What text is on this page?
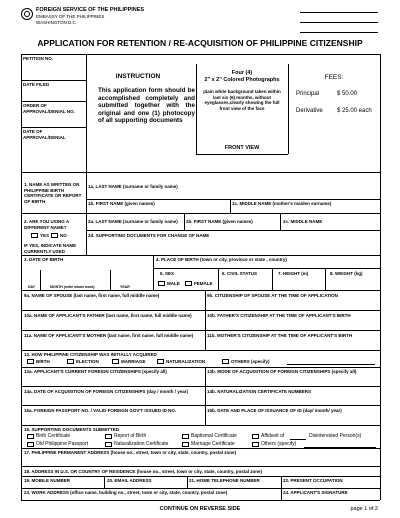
FOREIGN SERVICE OF THE PHILIPPINES
EMBASSY OF THE PHILIPPINES
WASHINGTON D.C.
APPLICATION FOR RETENTION / RE-ACQUISITION OF PHILIPPINE CITIZENSHIP
PETITION NO.
DATE FILED
ORDER OF APPROVAL/DENIAL NO.
DATE OF APPROVAL/DENIAL
INSTRUCTION
This application form should be accomplished completely and submitted together with the original and one (1) photocopy of all supporting documents
Four (4)
2" x 2" Colored Photographs
plain white background taken within last six (6) months, without eyeglasses,clearly showing the full front view of the face
FRONT VIEW
FEES:
Principal	$ 50.00
Derivative $ 25.00 each
1. NAME AS WRITTEN ON PHILIPPINE BIRTH CERTIFICATE OR REPORT OF BIRTH
1a. LAST NAME (surname or family name)
1b. FIRST NAME (given names)	1c. MIDDLE NAME (mother's maiden surname)
2. ARE YOU USING A DIFFERENT NAME?
YES NO
IF YES, INDICATE NAME CURRENTLY USED
2a. LAST NAME (surname or family name) 2b. FIRST NAME (given names)	2c. MIDDLE NAME
2d. SUPPORTING DOCUMENTS FOR CHANGE OF NAME
3. DATE OF BIRTH	4. PLACE OF BIRTH (town or city, province or state , country)
DAY	MONTH (write whole word)	YEAR
5. SEX
MALE	FEMALE
6. CIVIL STATUS	7. HEIGHT (m)	8. WEIGHT (kg)
9a. NAME OF SPOUSE (last name, first name, full middle name)	9b. CITIZENSHIP OF SPOUSE AT THE TIME OF APPLICATION
10a. NAME OF APPLICANT'S FATHER (last name, first name, full middle name)	10b. FATHER'S CITIZENSHIP AT THE TIME OF APPLICANT'S BIRTH
11a. NAME OF APPLICANT'S MOTHER (last name, first name, full middle name)	11b. MOTHER'S CITIZENSHIP AT THE TIME OF APPLICANT'S BIRTH
12. HOW PHILIPPINE CITIZENSHIP WAS INITIALLY ACQUIRED
BIRTH	ELECTION	MARRIAGE	NATURALIZATION	OTHERS (specify)
13a. APPLICANT'S CURRENT FOREIGN CITIZENSHIPS (specify all)	13b. MODE OF ACQUISITION OF FOREIGN CITIZENSHIPS (specify all)
14a. DATE OF ACQUISITION OF FOREIGN CITIZENSHIPS (day / month / year)	14b. NATURALIZATION CERTIFICATE NUMBERS
15a. FOREIGN PASSPORT NO. / VALID FOREIGN GOV'T ISSUED ID NO.	15b. DATE AND PLACE OF ISSUANCE OF ID (day/ month/ year)
16. SUPPORTING DOCUMENTS SUBMITTED
Birth Certificate	Report of Birth	Baptismal Certificate	Affidavit of	Disinterested Person(s)
Old Philippine Passport	Naturalization Certificate	Marriage Certificate	Others (specify)
17. PHILIPPINE PERMANENT ADDRESS (house no., street, town or city, state, country, postal zone)
18. ADDRESS IN U.S. OR COUNTRY OF RESIDENCE (house no., street, town or city, state, country, postal zone)
19. MOBILE NUMBER	20. EMAIL ADDRESS	21. HOME TELEPHONE NUMBER	22. PRESENT OCCUPATION
23. WORK ADDRESS (office name, building no., street, town or city, state, country, postal zone)	24. APPLICANT'S SIGNATURE
CONTINUE ON REVERSE SIDE	page 1 of 2
